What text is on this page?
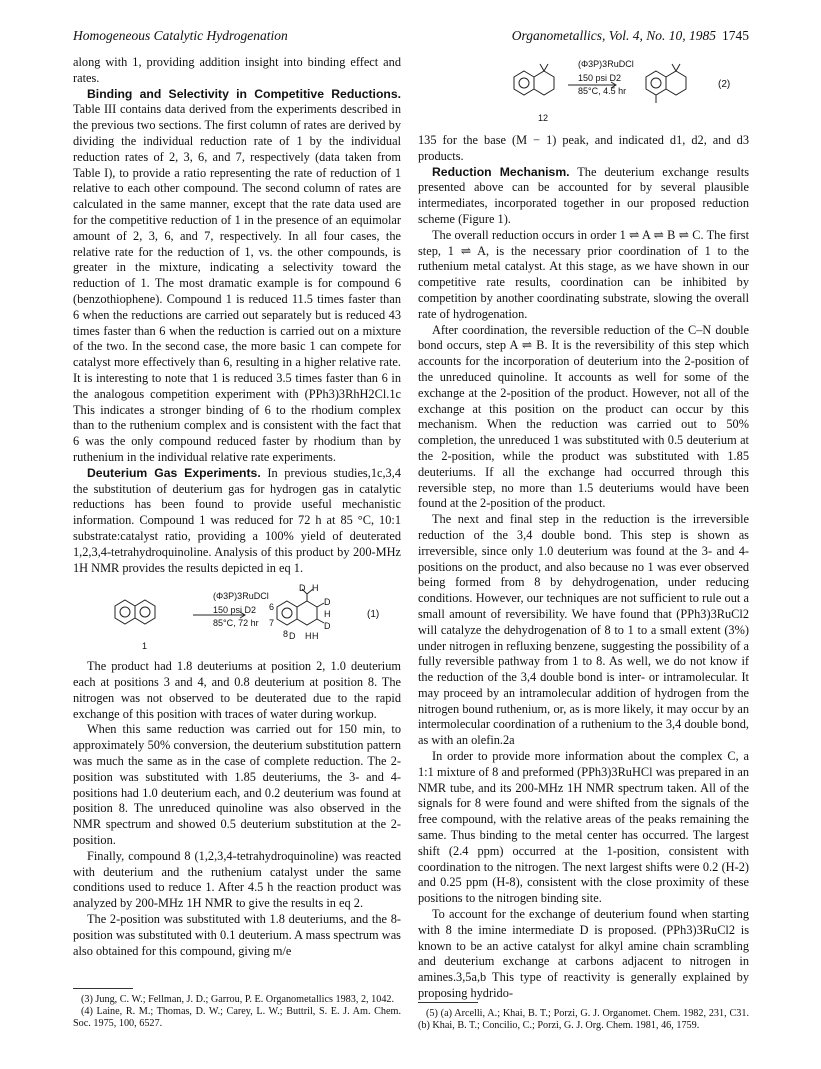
Homogeneous Catalytic Hydrogenation	Organometallics, Vol. 4, No. 10, 1985 1745

along with 1, providing addition insight into binding effect and rates.

Binding and Selectivity in Competitive Reductions. Table III contains data derived from the experiments described in the previous two sections. The first column of rates are derived by dividing the individual reduction rate of 1 by the individual reduction rates of 2, 3, 6, and 7, respectively (data taken from Table I), to provide a ratio representing the rate of reduction of 1 relative to each other compound. The second column of rates are calculated in the same manner, except that the rate data used are for the competitive reduction of 1 in the presence of an equimolar amount of 2, 3, 6, and 7, respectively. In all four cases, the relative rate for the reduction of 1, vs. the other compounds, is greater in the mixture, indicating a selectivity toward the reduction of 1. The most dramatic example is for compound 6 (benzothiophene). Compound 1 is reduced 11.5 times faster than 6 when the reductions are carried out separately but is reduced 43 times faster than 6 when the reduction is carried out on a mixture of the two. In the second case, the more basic 1 can compete for catalyst more effectively than 6, resulting in a higher relative rate. It is interesting to note that 1 is reduced 3.5 times faster than 6 in the analogous competition experiment with (PPh3)3RhH2Cl.1c This indicates a stronger binding of 6 to the rhodium complex than to the ruthenium complex and is consistent with the fact that 6 was the only compound reduced faster by rhodium than by ruthenium in the individual relative rate experiments.

Deuterium Gas Experiments. In previous studies,1c,3,4 the substitution of deuterium gas for hydrogen gas in catalytic reductions has been found to provide useful mechanistic information. Compound 1 was reduced for 72 h at 85 °C, 10:1 substrate:catalyst ratio, providing a 100% yield of deuterated 1,2,3,4-tetrahydroquinoline. Analysis of this product by 200-MHz 1H NMR provides the results depicted in eq 1.

(Φ3P)3RuDCl
150 psi D2
85°C, 72 hr
1
6
7
8
D H
D
H
D
H H
D
(1)

The product had 1.8 deuteriums at position 2, 1.0 deuterium each at positions 3 and 4, and 0.8 deuterium at position 8. The nitrogen was not observed to be deuterated due to the rapid exchange of this position with traces of water during workup.

When this same reduction was carried out for 150 min, to approximately 50% conversion, the deuterium substitution pattern was much the same as in the case of complete reduction. The 2-position was substituted with 1.85 deuteriums, the 3- and 4-positions had 1.0 deuterium each, and 0.2 deuterium was found at position 8. The unreduced quinoline was also observed in the NMR spectrum and showed 0.5 deuterium substitution at the 2-position.

Finally, compound 8 (1,2,3,4-tetrahydroquinoline) was reacted with deuterium and the ruthenium catalyst under the same conditions used to reduce 1. After 4.5 h the reaction product was analyzed by 200-MHz 1H NMR to give the results in eq 2.

The 2-position was substituted with 1.8 deuteriums, and the 8-position was substituted with 0.1 deuterium. A mass spectrum was also obtained for this compound, giving m/e

(Φ3P)3RuDCl
150 psi D2
85°C, 4.5 hr
12
(2)

135 for the base (M − 1) peak, and indicated d1, d2, and d3 products.

Reduction Mechanism. The deuterium exchange results presented above can be accounted for by several plausible intermediates, incorporated together in our proposed reduction scheme (Figure 1).

The overall reduction occurs in order 1 ⇌ A ⇌ B ⇌ C. The first step, 1 ⇌ A, is the necessary prior coordination of 1 to the ruthenium metal catalyst. At this stage, as we have shown in our competitive rate results, coordination can be inhibited by competition by another coordinating substrate, slowing the overall rate of hydrogenation.

After coordination, the reversible reduction of the C–N double bond occurs, step A ⇌ B. It is the reversibility of this step which accounts for the incorporation of deuterium into the 2-position of the unreduced quinoline. It accounts as well for some of the exchange at the 2-position of the product. However, not all of the exchange at this position on the product can occur by this mechanism. When the reduction was carried out to 50% completion, the unreduced 1 was substituted with 0.5 deuterium at the 2-position, while the product was substituted with 1.85 deuteriums. If all the exchange had occurred through this reversible step, no more than 1.5 deuteriums would have been found at the 2-position of the product.

The next and final step in the reduction is the irreversible reduction of the 3,4 double bond. This step is shown as irreversible, since only 1.0 deuterium was found at the 3- and 4-positions on the product, and also because no 1 was ever observed being formed from 8 by dehydrogenation, under reducing conditions. However, our techniques are not sufficient to rule out a small amount of reversibility. We have found that (PPh3)3RuCl2 will catalyze the dehydrogenation of 8 to 1 to a small extent (3%) under nitrogen in refluxing benzene, suggesting the possibility of a fully reversible pathway from 1 to 8. As well, we do not know if the reduction of the 3,4 double bond is inter- or intramolecular. It may proceed by an intramolecular addition of hydrogen from the nitrogen bound ruthenium, or, as is more likely, it may occur by an intermolecular coordination of a ruthenium to the 3,4 double bond, as with an olefin.2a

In order to provide more information about the complex C, a 1:1 mixture of 8 and preformed (PPh3)3RuHCl was prepared in an NMR tube, and its 200-MHz 1H NMR spectrum taken. All of the signals for 8 were found and were shifted from the signals of the free compound, with the relative areas of the peaks remaining the same. Thus binding to the metal center has occurred. The largest shift (2.4 ppm) occurred at the 1-position, consistent with coordination to the nitrogen. The next largest shifts were 0.2 (H-2) and 0.25 ppm (H-8), consistent with the close proximity of these positions to the nitrogen binding site.

To account for the exchange of deuterium found when starting with 8 the imine intermediate D is proposed. (PPh3)3RuCl2 is known to be an active catalyst for alkyl amine chain scrambling and deuterium exchange at carbons adjacent to nitrogen in amines.3,5a,b This type of reactivity is generally explained by proposing hydrido-

(3) Jung, C. W.; Fellman, J. D.; Garrou, P. E. Organometallics 1983, 2, 1042.

(4) Laine, R. M.; Thomas, D. W.; Carey, L. W.; Buttril, S. E. J. Am. Chem. Soc. 1975, 100, 6527.

(5) (a) Arcelli, A.; Khai, B. T.; Porzi, G. J. Organomet. Chem. 1982, 231, C31. (b) Khai, B. T.; Concilio, C.; Porzi, G. J. Org. Chem. 1981, 46, 1759.
